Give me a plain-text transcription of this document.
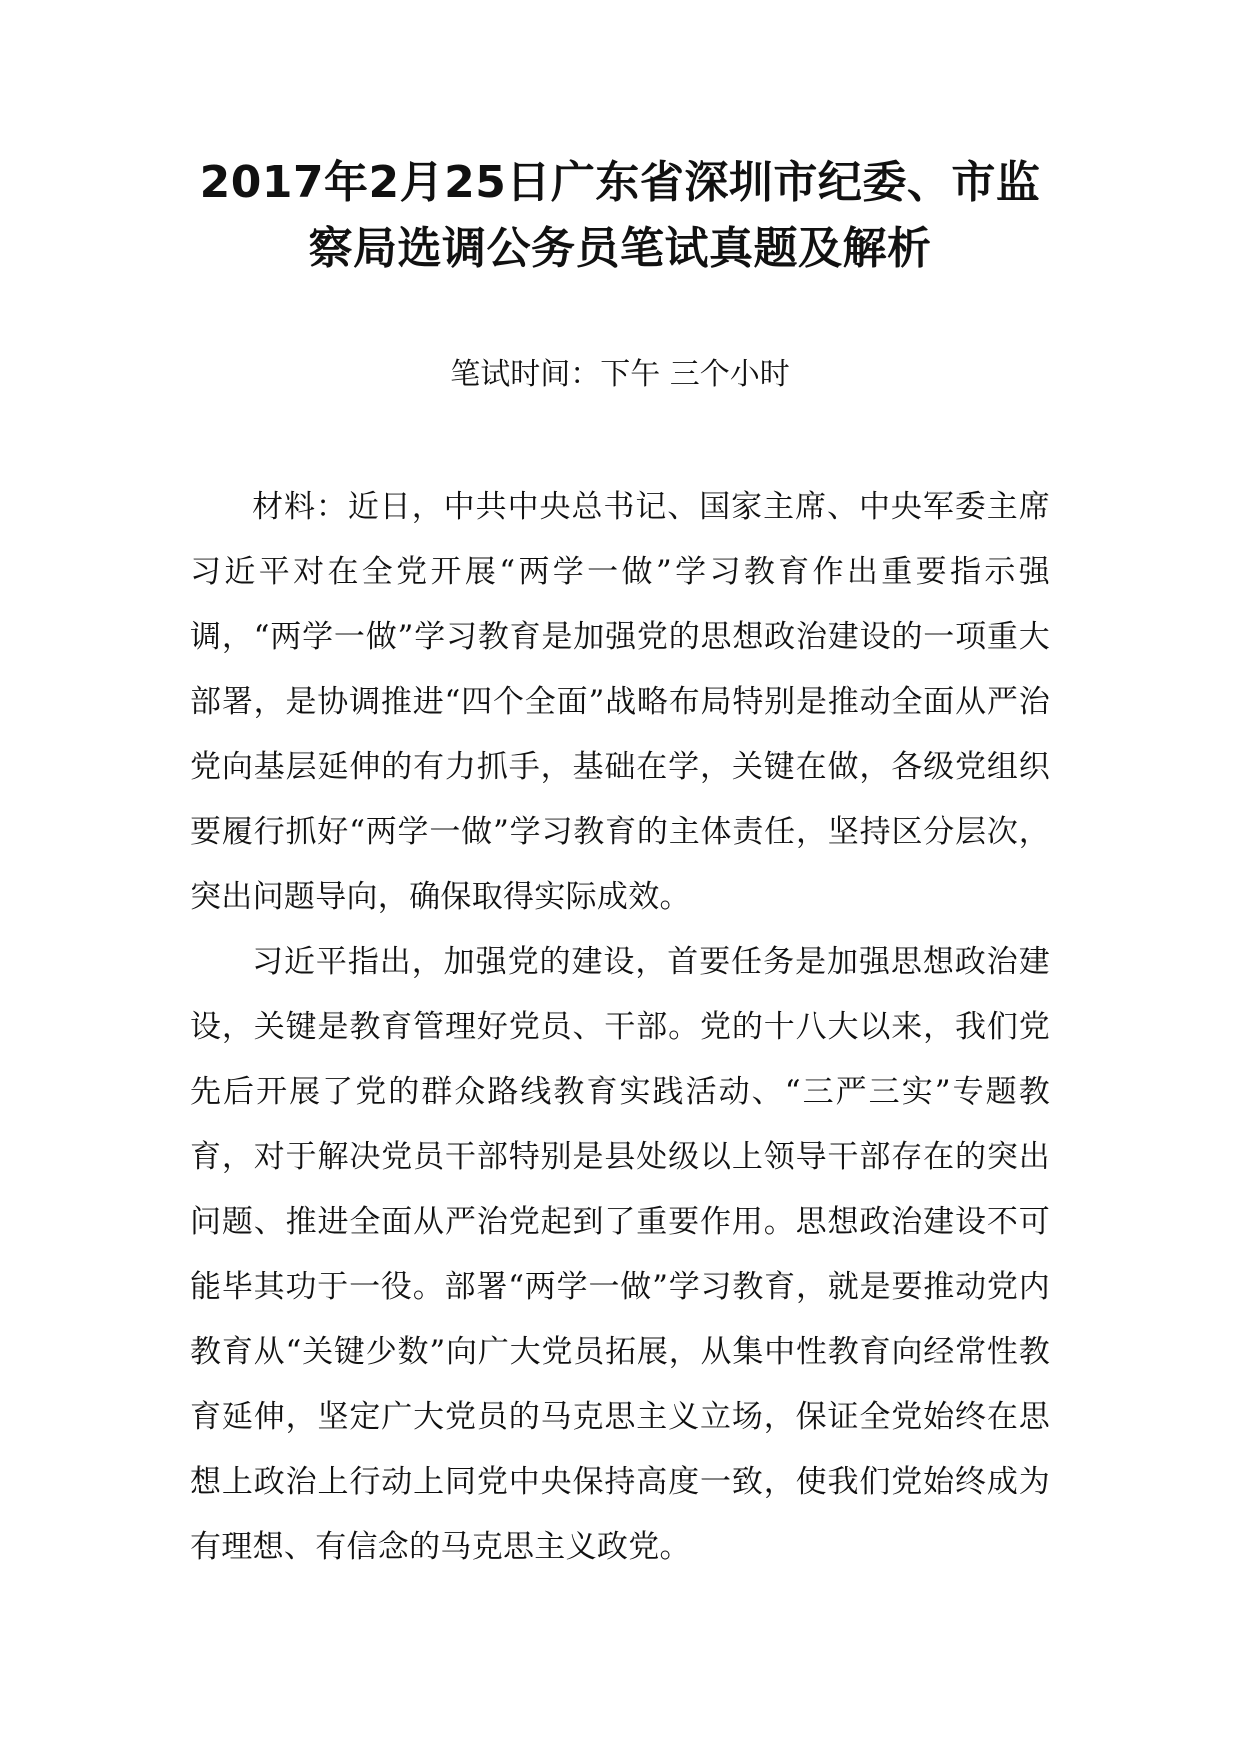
2017年2月25日广东省深圳市纪委、市监
察局选调公务员笔试真题及解析

笔试时间：下午 三个小时

材料：近日，中共中央总书记、国家主席、中央军委主席习近平对在全党开展“两学一做”学习教育作出重要指示强调，“两学一做”学习教育是加强党的思想政治建设的一项重大部署，是协调推进“四个全面”战略布局特别是推动全面从严治党向基层延伸的有力抓手，基础在学，关键在做，各级党组织要履行抓好“两学一做”学习教育的主体责任，坚持区分层次，突出问题导向，确保取得实际成效。

习近平指出，加强党的建设，首要任务是加强思想政治建设，关键是教育管理好党员、干部。党的十八大以来，我们党先后开展了党的群众路线教育实践活动、“三严三实”专题教育，对于解决党员干部特别是县处级以上领导干部存在的突出问题、推进全面从严治党起到了重要作用。思想政治建设不可能毕其功于一役。部署“两学一做”学习教育，就是要推动党内教育从“关键少数”向广大党员拓展，从集中性教育向经常性教育延伸，坚定广大党员的马克思主义立场，保证全党始终在思想上政治上行动上同党中央保持高度一致，使我们党始终成为有理想、有信念的马克思主义政党。
